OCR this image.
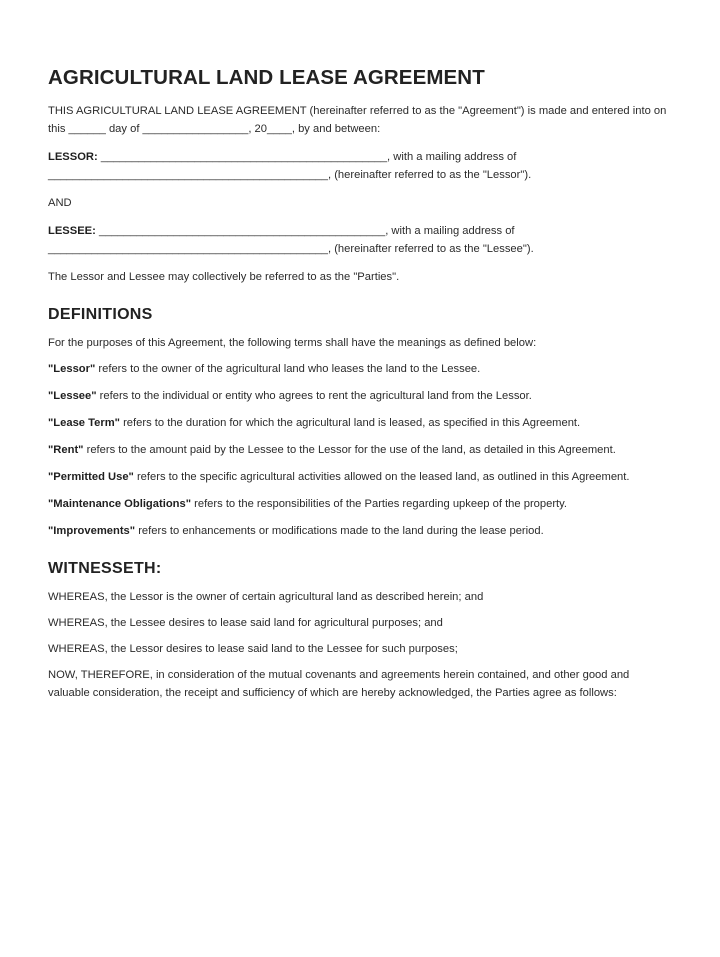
AGRICULTURAL LAND LEASE AGREEMENT

THIS AGRICULTURAL LAND LEASE AGREEMENT (hereinafter referred to as the "Agreement") is made and entered into on this ______ day of _________________, 20____, by and between:

LESSOR: ______________________________________________, with a mailing address of _____________________________________________, (hereinafter referred to as the "Lessor").

AND

LESSEE: ______________________________________________, with a mailing address of _____________________________________________, (hereinafter referred to as the "Lessee").

The Lessor and Lessee may collectively be referred to as the "Parties".

DEFINITIONS

For the purposes of this Agreement, the following terms shall have the meanings as defined below:

"Lessor" refers to the owner of the agricultural land who leases the land to the Lessee.

"Lessee" refers to the individual or entity who agrees to rent the agricultural land from the Lessor.

"Lease Term" refers to the duration for which the agricultural land is leased, as specified in this Agreement.

"Rent" refers to the amount paid by the Lessee to the Lessor for the use of the land, as detailed in this Agreement.

"Permitted Use" refers to the specific agricultural activities allowed on the leased land, as outlined in this Agreement.

"Maintenance Obligations" refers to the responsibilities of the Parties regarding upkeep of the property.

"Improvements" refers to enhancements or modifications made to the land during the lease period.

WITNESSETH:

WHEREAS, the Lessor is the owner of certain agricultural land as described herein; and

WHEREAS, the Lessee desires to lease said land for agricultural purposes; and

WHEREAS, the Lessor desires to lease said land to the Lessee for such purposes;

NOW, THEREFORE, in consideration of the mutual covenants and agreements herein contained, and other good and valuable consideration, the receipt and sufficiency of which are hereby acknowledged, the Parties agree as follows:
